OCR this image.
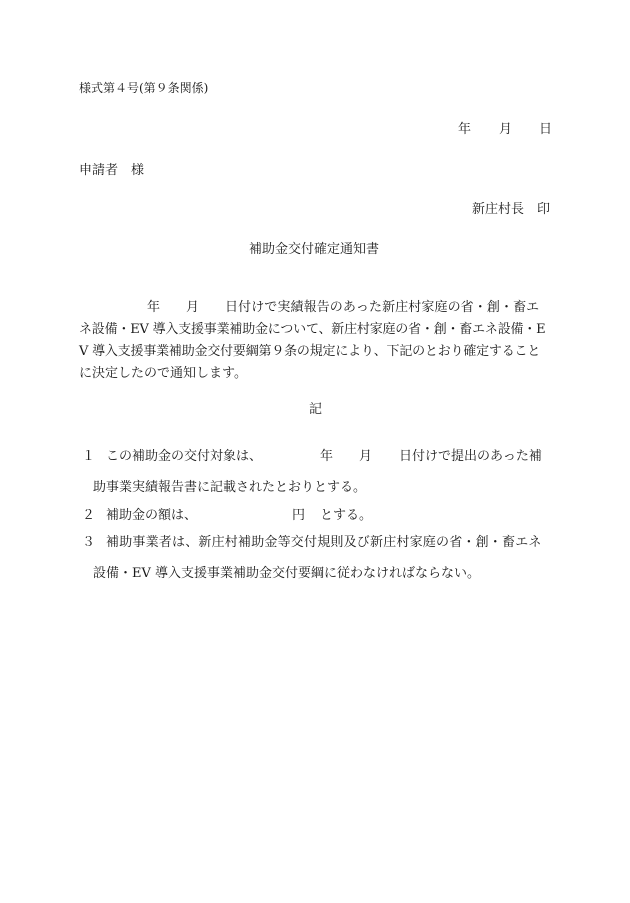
様式第４号(第９条関係)
年 月 日
申請者　様
新庄村長　印
補助金交付確定通知書
年 月 日付けで実績報告のあった新庄村家庭の省・創・畜エ
ネ設備・EV 導入支援事業補助金について、新庄村家庭の省・創・畜エネ設備・E
V 導入支援事業補助金交付要綱第９条の規定により、下記のとおり確定すること
に決定したので通知します。
記
１ この補助金の交付対象は、	年 月 日付けで提出のあった補
助事業実績報告書に記載されたとおりとする。
２ 補助金の額は、	円 とする。
３ 補助事業者は、新庄村補助金等交付規則及び新庄村家庭の省・創・畜エネ
設備・EV 導入支援事業補助金交付要綱に従わなければならない。
